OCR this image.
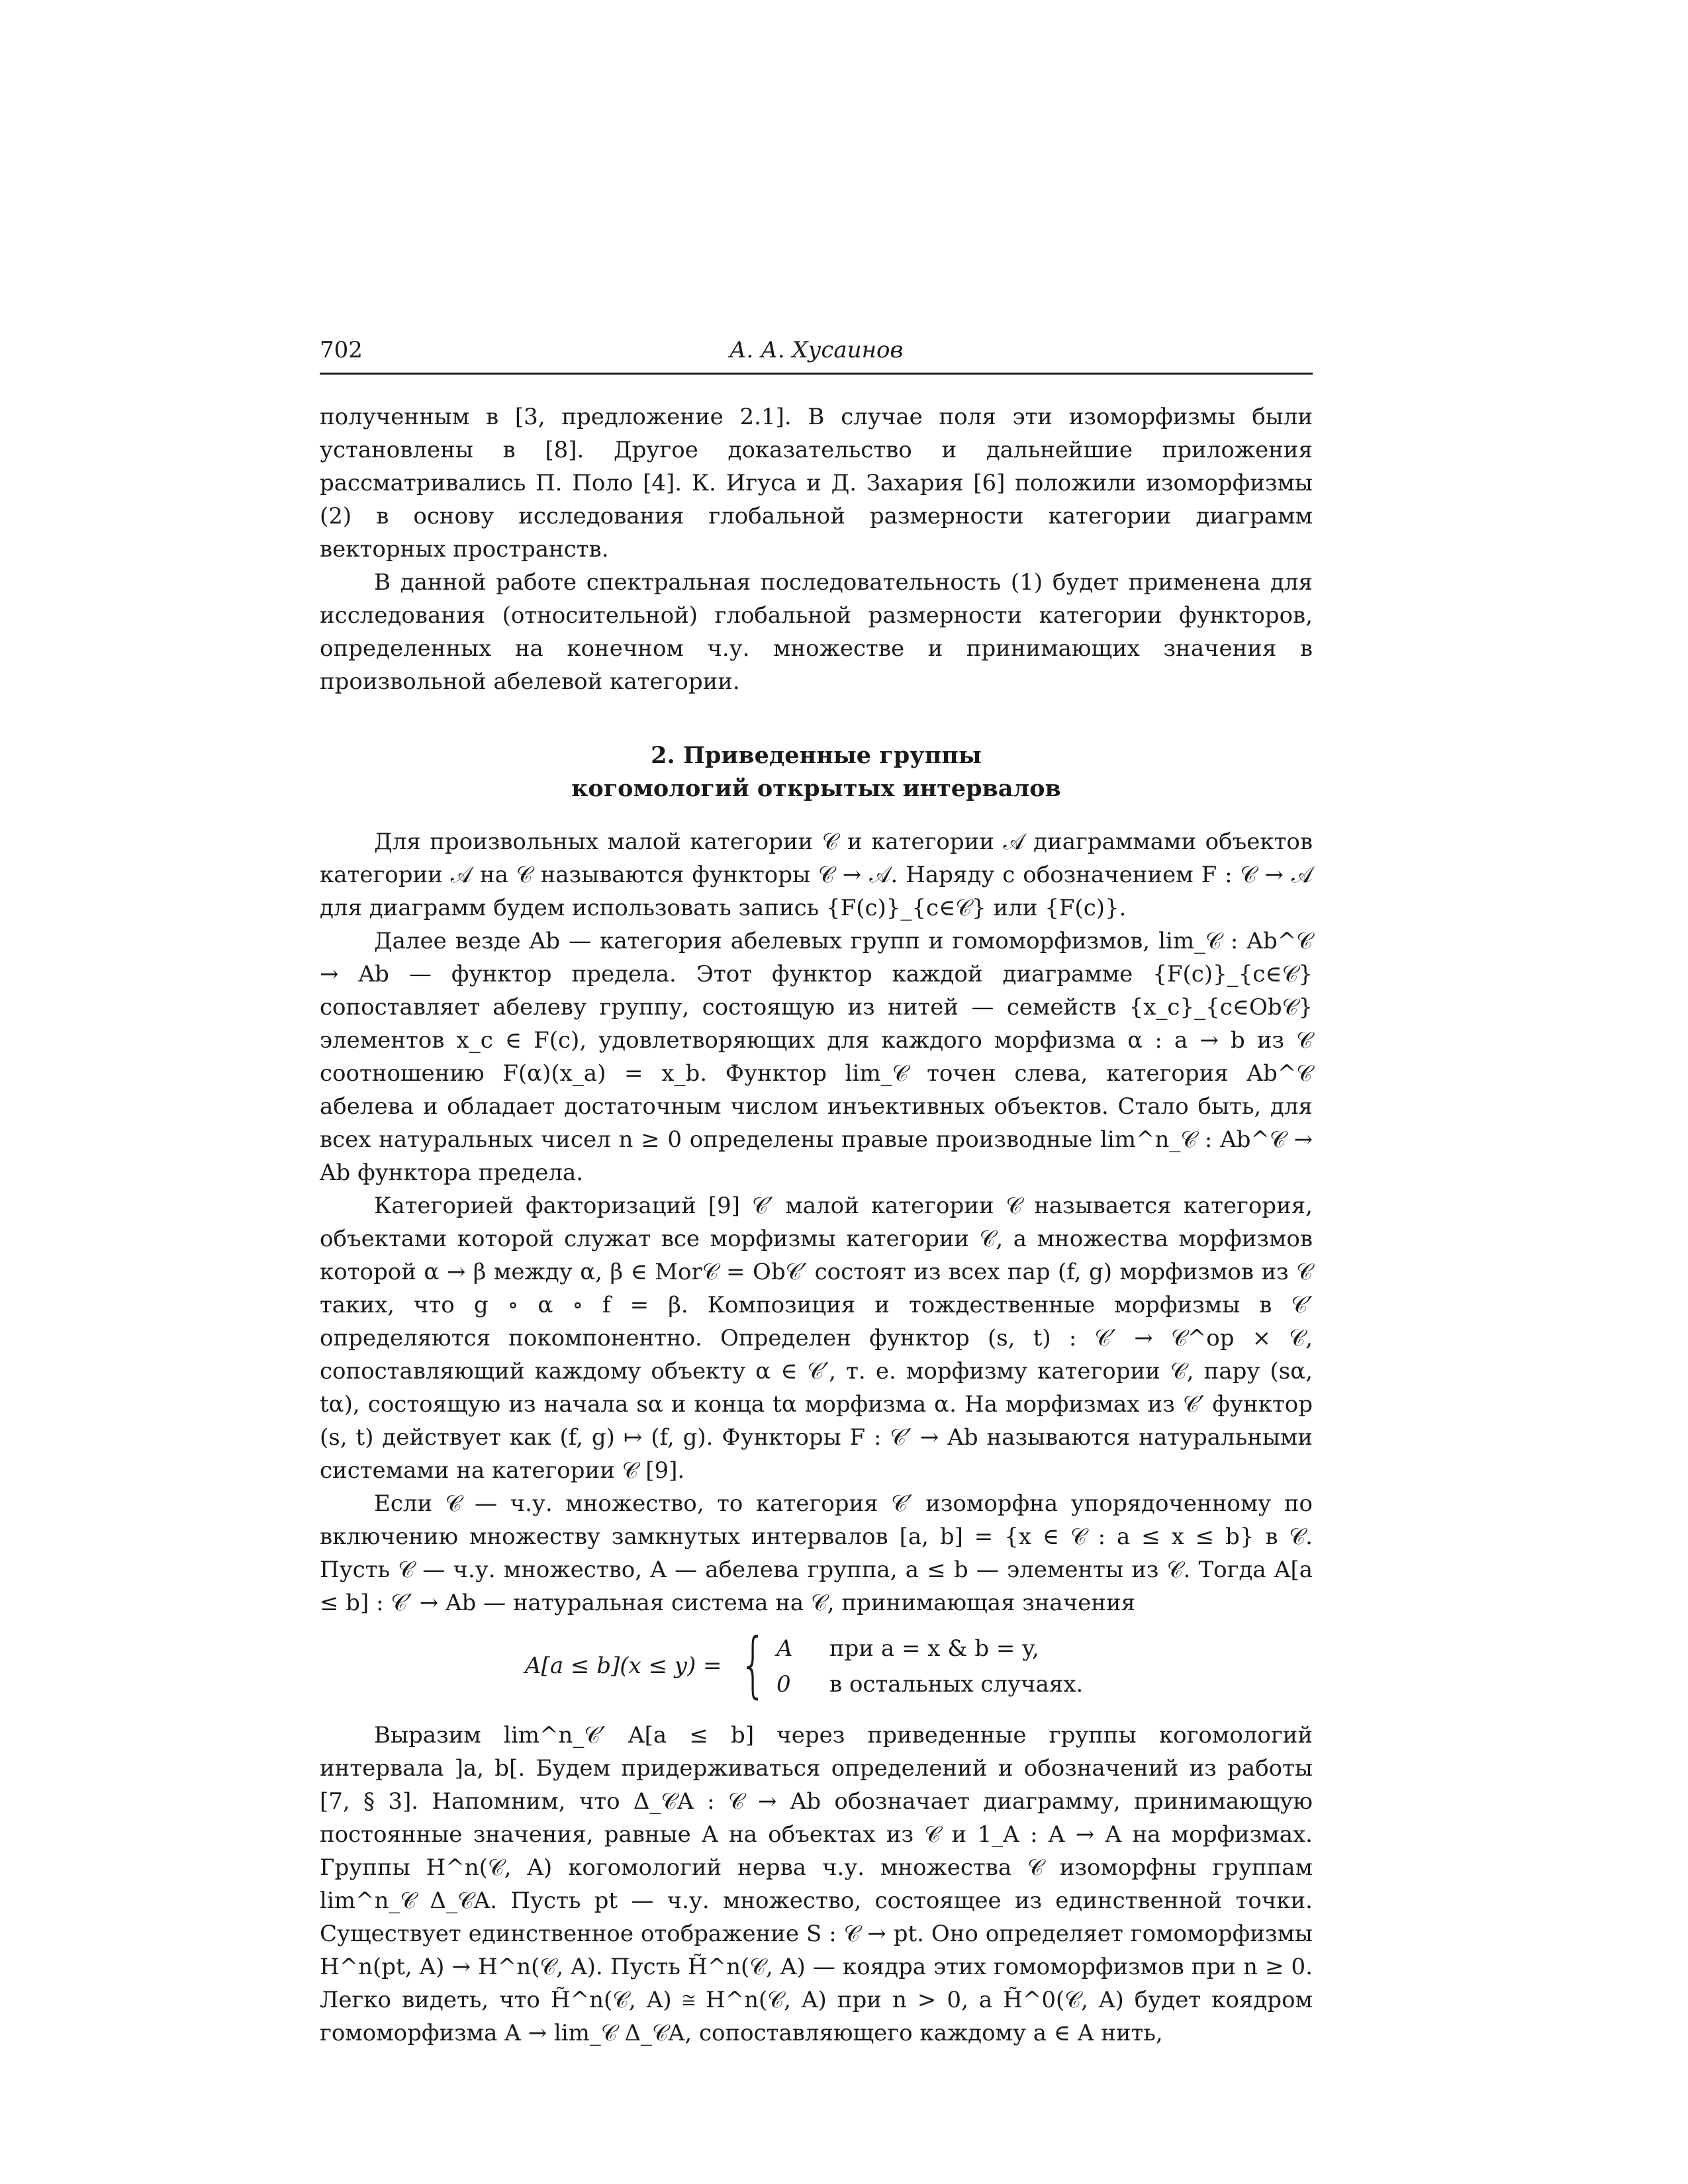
702	А. А. Хусаинов

полученным в [3, предложение 2.1]. В случае поля эти изоморфизмы были установлены в [8]. Другое доказательство и дальнейшие приложения рассматривались П. Поло [4]. К. Игуса и Д. Захария [6] положили изоморфизмы (2) в основу исследования глобальной размерности категории диаграмм векторных пространств.

В данной работе спектральная последовательность (1) будет применена для исследования (относительной) глобальной размерности категории функторов, определенных на конечном ч.у. множестве и принимающих значения в произвольной абелевой категории.

2. Приведенные группы
когомологий открытых интервалов

Для произвольных малой категории 𝒞 и категории 𝒜 диаграммами объектов категории 𝒜 на 𝒞 называются функторы 𝒞 → 𝒜. Наряду с обозначением F : 𝒞 → 𝒜 для диаграмм будем использовать запись {F(c)}_{c∈𝒞} или {F(c)}.

Далее везде Ab — категория абелевых групп и гомоморфизмов, lim_𝒞 : Ab^𝒞 → Ab — функтор предела. Этот функтор каждой диаграмме {F(c)}_{c∈𝒞} сопоставляет абелеву группу, состоящую из нитей — семейств {x_c}_{c∈Ob𝒞} элементов x_c ∈ F(c), удовлетворяющих для каждого морфизма α : a → b из 𝒞 соотношению F(α)(x_a) = x_b. Функтор lim_𝒞 точен слева, категория Ab^𝒞 абелева и обладает достаточным числом инъективных объектов. Стало быть, для всех натуральных чисел n ≥ 0 определены правые производные lim^n_𝒞 : Ab^𝒞 → Ab функтора предела.

Категорией факторизаций [9] 𝒞′ малой категории 𝒞 называется категория, объектами которой служат все морфизмы категории 𝒞, а множества морфизмов которой α → β между α, β ∈ Mor𝒞 = Ob𝒞′ состоят из всех пар (f, g) морфизмов из 𝒞 таких, что g ∘ α ∘ f = β. Композиция и тождественные морфизмы в 𝒞′ определяются покомпонентно. Определен функтор (s, t) : 𝒞′ → 𝒞^op × 𝒞, сопоставляющий каждому объекту α ∈ 𝒞′, т. е. морфизму категории 𝒞, пару (sα, tα), состоящую из начала sα и конца tα морфизма α. На морфизмах из 𝒞′ функтор (s, t) действует как (f, g) ↦ (f, g). Функторы F : 𝒞′ → Ab называются натуральными системами на категории 𝒞 [9].

Если 𝒞 — ч.у. множество, то категория 𝒞′ изоморфна упорядоченному по включению множеству замкнутых интервалов [a, b] = {x ∈ 𝒞 : a ≤ x ≤ b} в 𝒞. Пусть 𝒞 — ч.у. множество, A — абелева группа, a ≤ b — элементы из 𝒞. Тогда A[a ≤ b] : 𝒞′ → Ab — натуральная система на 𝒞, принимающая значения

A[a ≤ b](x ≤ y) = { A при a = x & b = y,
0 в остальных случаях.

Выразим lim^n_𝒞′ A[a ≤ b] через приведенные группы когомологий интервала ]a, b[. Будем придерживаться определений и обозначений из работы [7, § 3]. Напомним, что Δ_𝒞A : 𝒞 → Ab обозначает диаграмму, принимающую постоянные значения, равные A на объектах из 𝒞 и 1_A : A → A на морфизмах. Группы H^n(𝒞, A) когомологий нерва ч.у. множества 𝒞 изоморфны группам lim^n_𝒞 Δ_𝒞A. Пусть pt — ч.у. множество, состоящее из единственной точки. Существует единственное отображение S : 𝒞 → pt. Оно определяет гомоморфизмы H^n(pt, A) → H^n(𝒞, A). Пусть H̃^n(𝒞, A) — коядра этих гомоморфизмов при n ≥ 0. Легко видеть, что H̃^n(𝒞, A) ≅ H^n(𝒞, A) при n > 0, а H̃^0(𝒞, A) будет коядром гомоморфизма A → lim_𝒞 Δ_𝒞A, сопоставляющего каждому a ∈ A нить,
